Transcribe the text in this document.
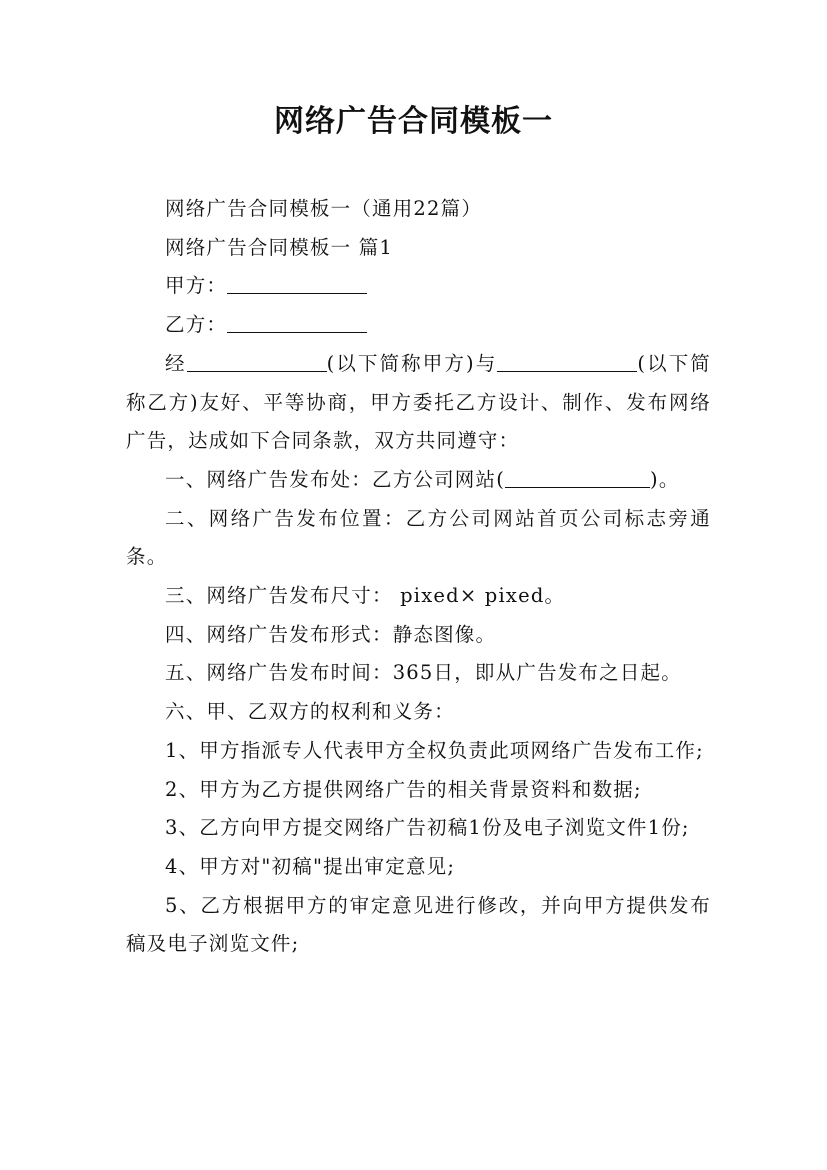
网络广告合同模板一

网络广告合同模板一（通用22篇）

网络广告合同模板一 篇1

甲方：

乙方：

经	(以下简称甲方)与	(以下简称乙方)友好、平等协商，甲方委托乙方设计、制作、发布网络广告，达成如下合同条款，双方共同遵守：

一、网络广告发布处：乙方公司网站(	)。

二、网络广告发布位置：乙方公司网站首页公司标志旁通条。

三、网络广告发布尺寸： pixed× pixed。

四、网络广告发布形式：静态图像。

五、网络广告发布时间：365日，即从广告发布之日起。

六、甲、乙双方的权利和义务：

1、甲方指派专人代表甲方全权负责此项网络广告发布工作;

2、甲方为乙方提供网络广告的相关背景资料和数据;

3、乙方向甲方提交网络广告初稿1份及电子浏览文件1份;

4、甲方对"初稿"提出审定意见;

5、乙方根据甲方的审定意见进行修改，并向甲方提供发布稿及电子浏览文件;
